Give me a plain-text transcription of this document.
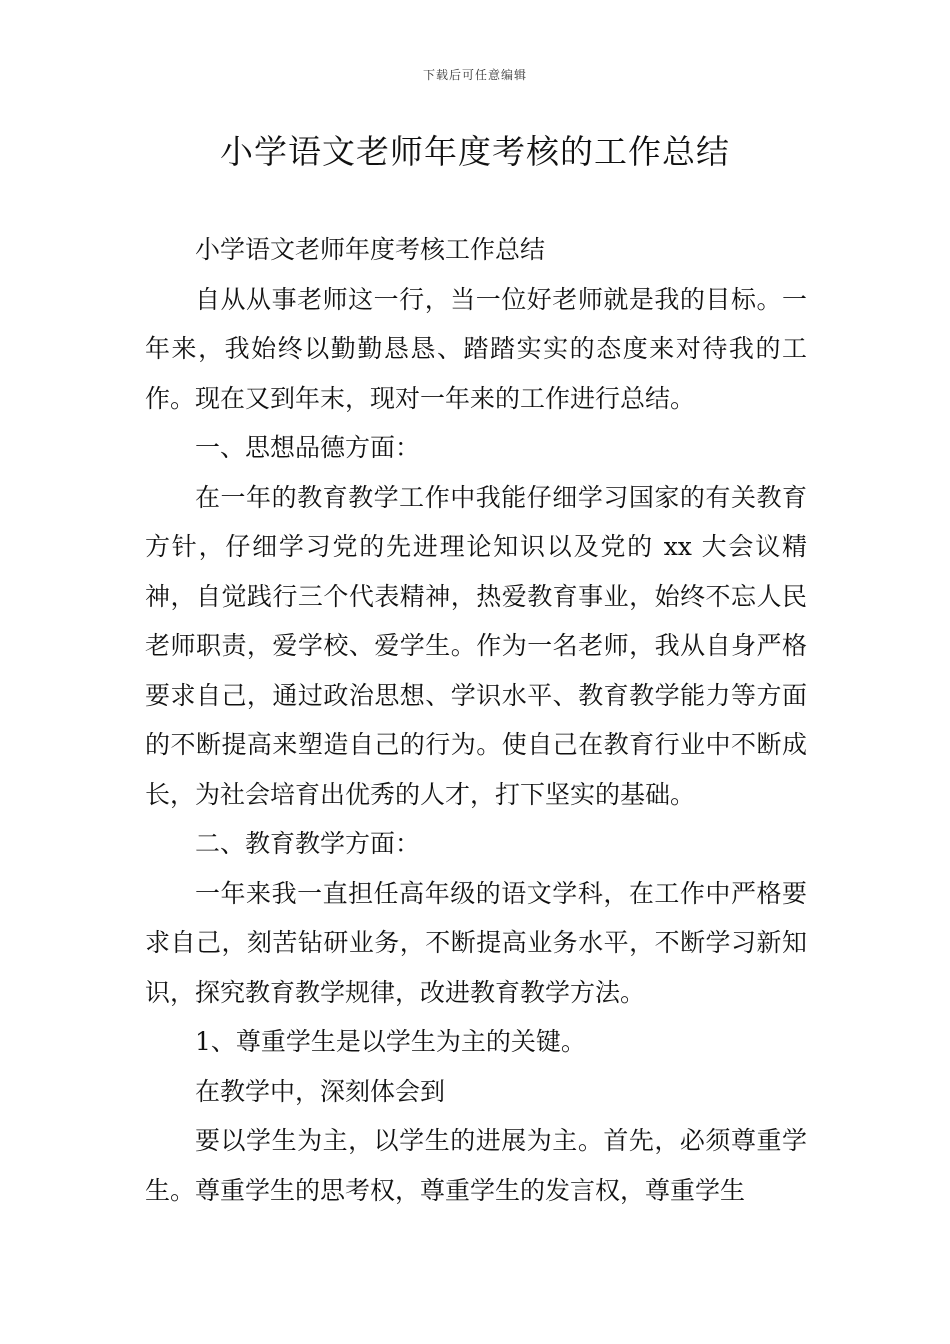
下载后可任意编辑
小学语文老师年度考核的工作总结

小学语文老师年度考核工作总结

自从从事老师这一行，当一位好老师就是我的目标。一年来，我始终以勤勤恳恳、踏踏实实的态度来对待我的工作。现在又到年末，现对一年来的工作进行总结。

一、思想品德方面：

在一年的教育教学工作中我能仔细学习国家的有关教育方针，仔细学习党的先进理论知识以及党的 xx 大会议精神，自觉践行三个代表精神，热爱教育事业，始终不忘人民老师职责，爱学校、爱学生。作为一名老师，我从自身严格要求自己，通过政治思想、学识水平、教育教学能力等方面的不断提高来塑造自己的行为。使自己在教育行业中不断成长，为社会培育出优秀的人才，打下坚实的基础。

二、教育教学方面：

一年来我一直担任高年级的语文学科，在工作中严格要求自己，刻苦钻研业务，不断提高业务水平，不断学习新知识，探究教育教学规律，改进教育教学方法。

1、尊重学生是以学生为主的关键。

在教学中，深刻体会到

要以学生为主，以学生的进展为主。首先，必须尊重学生。尊重学生的思考权，尊重学生的发言权，尊重学生
